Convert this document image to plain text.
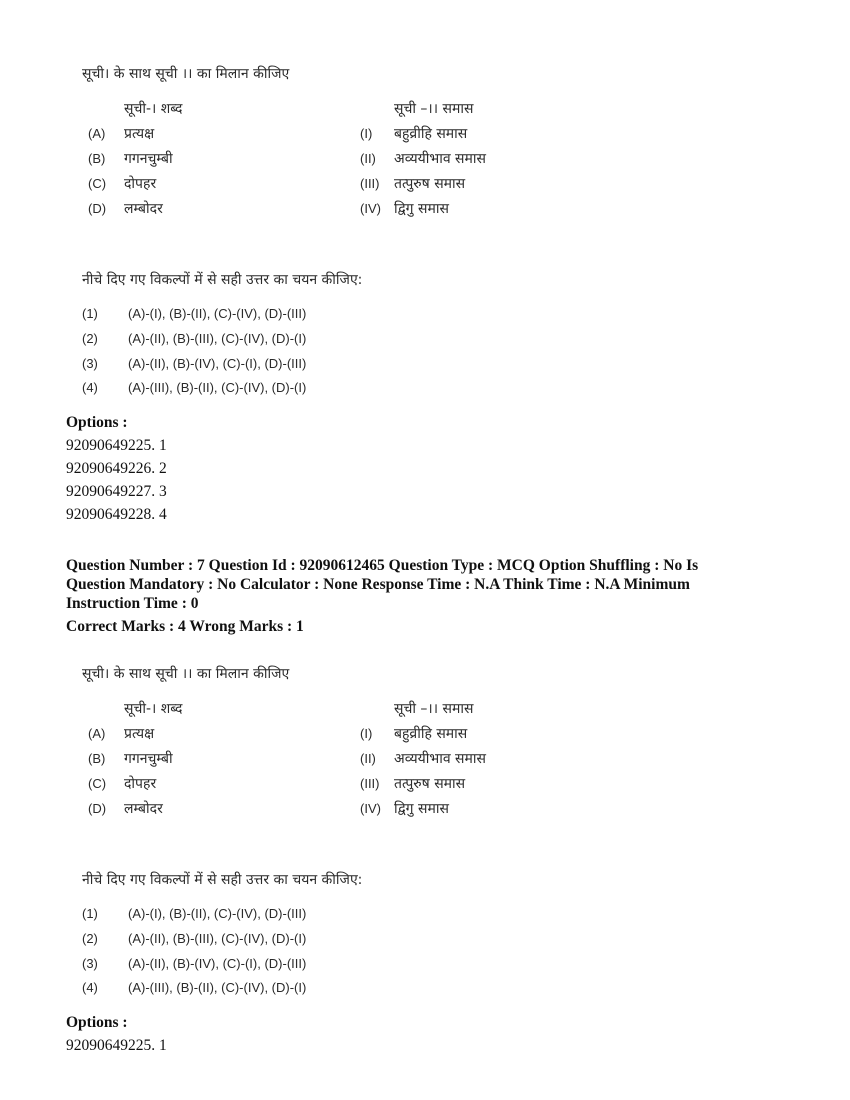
सूची। के साथ सूची ।। का मिलान कीजिए
सूची-। शब्द	सूची –।। समास
(A) प्रत्यक्ष	(I) बहुव्रीहि समास
(B) गगनचुम्बी	(II) अव्ययीभाव समास
(C) दोपहर	(III) तत्पुरुष समास
(D) लम्बोदर	(IV) द्विगु समास
नीचे दिए गए विकल्पों में से सही उत्तर का चयन कीजिए:
(1) (A)-(I), (B)-(II), (C)-(IV), (D)-(III)
(2) (A)-(II), (B)-(III), (C)-(IV), (D)-(I)
(3) (A)-(II), (B)-(IV), (C)-(I), (D)-(III)
(4) (A)-(III), (B)-(II), (C)-(IV), (D)-(I)
Options :
92090649225. 1
92090649226. 2
92090649227. 3
92090649228. 4
Question Number : 7 Question Id : 92090612465 Question Type : MCQ Option Shuffling : No Is
Question Mandatory : No Calculator : None Response Time : N.A Think Time : N.A Minimum
Instruction Time : 0
Correct Marks : 4 Wrong Marks : 1
सूची। के साथ सूची ।। का मिलान कीजिए
सूची-। शब्द	सूची –।। समास
(A) प्रत्यक्ष	(I) बहुव्रीहि समास
(B) गगनचुम्बी	(II) अव्ययीभाव समास
(C) दोपहर	(III) तत्पुरुष समास
(D) लम्बोदर	(IV) द्विगु समास
नीचे दिए गए विकल्पों में से सही उत्तर का चयन कीजिए:
(1) (A)-(I), (B)-(II), (C)-(IV), (D)-(III)
(2) (A)-(II), (B)-(III), (C)-(IV), (D)-(I)
(3) (A)-(II), (B)-(IV), (C)-(I), (D)-(III)
(4) (A)-(III), (B)-(II), (C)-(IV), (D)-(I)
Options :
92090649225. 1
